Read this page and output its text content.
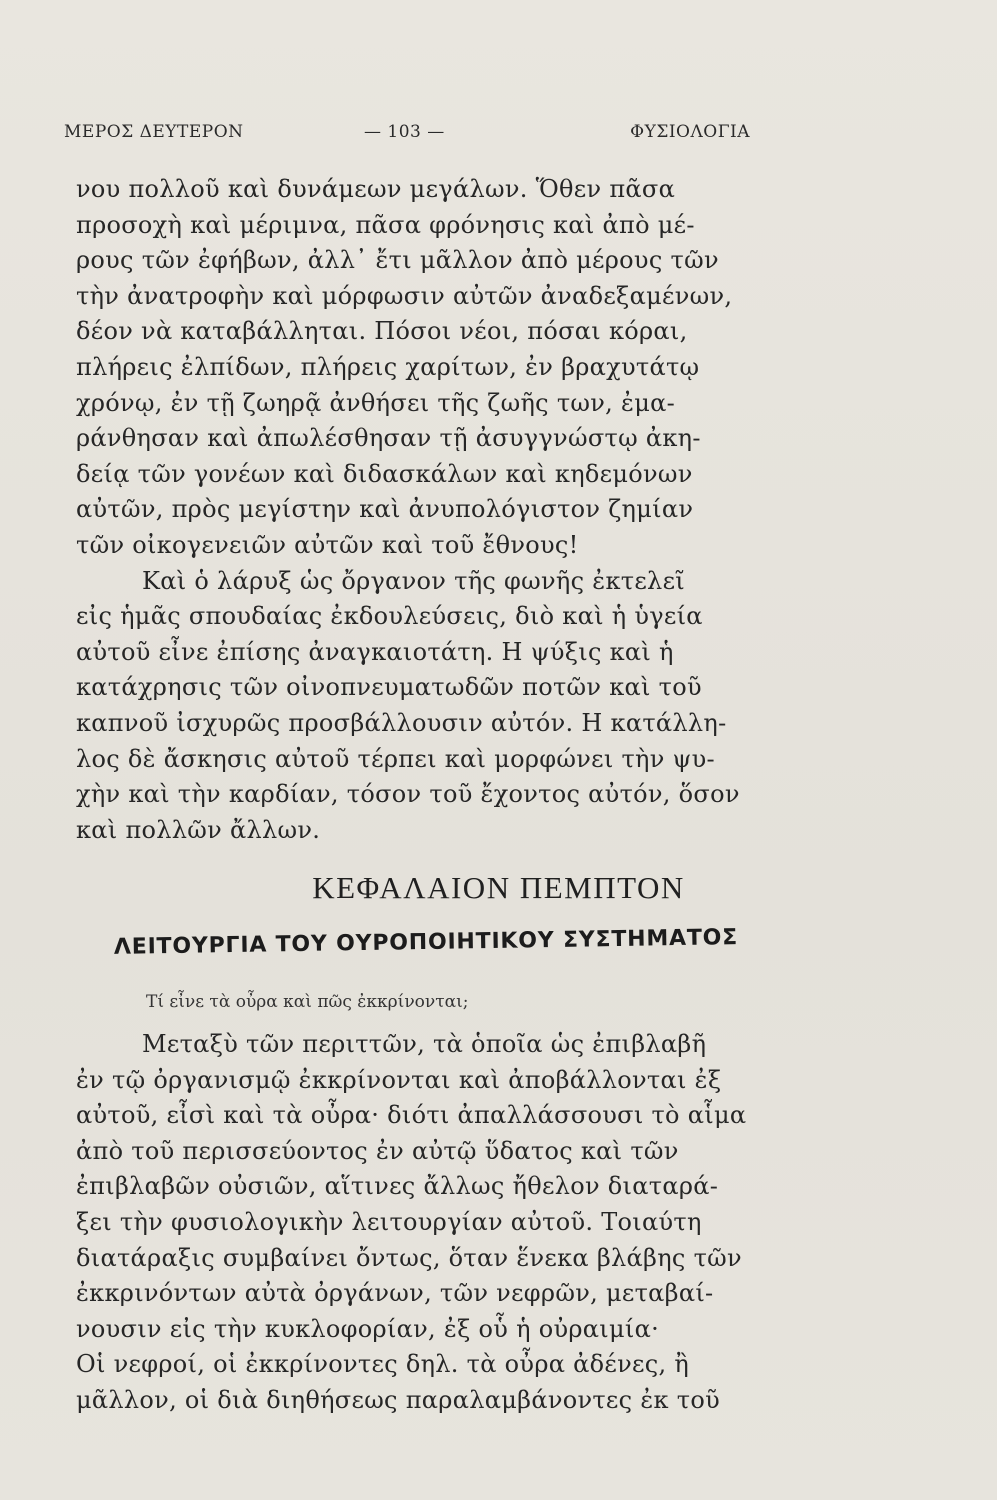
ΜΕΡΟΣ ΔΕΥΤΕΡΟΝ	— 103 —	ΦΥΣΙΟΛΟΓΙΑ
νου πολλοῦ καὶ δυνάμεων μεγάλων. Ὅθεν πᾶσα
προσοχὴ καὶ μέριμνα, πᾶσα φρόνησις καὶ ἀπὸ μέ-
ρους τῶν ἐφήβων, ἀλλ᾽ ἔτι μᾶλλον ἀπὸ μέρους τῶν
τὴν ἀνατροφὴν καὶ μόρφωσιν αὐτῶν ἀναδεξαμένων,
δέον νὰ καταβάλληται. Πόσοι νέοι, πόσαι κόραι,
πλήρεις ἐλπίδων, πλήρεις χαρίτων, ἐν βραχυτάτῳ
χρόνῳ, ἐν τῇ ζωηρᾷ ἀνθήσει τῆς ζωῆς των, ἐμα-
ράνθησαν καὶ ἀπωλέσθησαν τῇ ἀσυγγνώστῳ ἀκη-
δείᾳ τῶν γονέων καὶ διδασκάλων καὶ κηδεμόνων
αὐτῶν, πρὸς μεγίστην καὶ ἀνυπολόγιστον ζημίαν
τῶν οἰκογενειῶν αὐτῶν καὶ τοῦ ἔθνους!
Καὶ ὁ λάρυξ ὡς ὄργανον τῆς φωνῆς ἐκτελεῖ
εἰς ἡμᾶς σπουδαίας ἐκδουλεύσεις, διὸ καὶ ἡ ὑγεία
αὐτοῦ εἶνε ἐπίσης ἀναγκαιοτάτη. Η ψύξις καὶ ἡ
κατάχρησις τῶν οἰνοπνευματωδῶν ποτῶν καὶ τοῦ
καπνοῦ ἰσχυρῶς προσβάλλουσιν αὐτόν. Η κατάλλη-
λος δὲ ἄσκησις αὐτοῦ τέρπει καὶ μορφώνει τὴν ψυ-
χὴν καὶ τὴν καρδίαν, τόσον τοῦ ἔχοντος αὐτόν, ὅσον
καὶ πολλῶν ἄλλων.
ΚΕΦΑΛΑΙΟΝ ΠΕΜΠΤΟΝ
ΛΕΙΤΟΥΡΓΙΑ ΤΟΥ ΟΥΡΟΠΟΙΗΤΙΚΟΥ ΣΥΣΤΗΜΑΤΟΣ
Τί εἶνε τὰ οὖρα καὶ πῶς ἐκκρίνονται;
Μεταξὺ τῶν περιττῶν, τὰ ὁποῖα ὡς ἐπιβλαβῆ
ἐν τῷ ὀργανισμῷ ἐκκρίνονται καὶ ἀποβάλλονται ἐξ
αὐτοῦ, εἶσὶ καὶ τὰ οὖρα· διότι ἀπαλλάσσουσι τὸ αἷμα
ἀπὸ τοῦ περισσεύοντος ἐν αὐτῷ ὕδατος καὶ τῶν
ἐπιβλαβῶν οὐσιῶν, αἵτινες ἄλλως ἤθελον διαταρά-
ξει τὴν φυσιολογικὴν λειτουργίαν αὐτοῦ. Τοιαύτη
διατάραξις συμβαίνει ὄντως, ὅταν ἕνεκα βλάβης τῶν
ἐκκρινόντων αὐτὰ ὀργάνων, τῶν νεφρῶν, μεταβαί-
νουσιν εἰς τὴν κυκλοφορίαν, ἐξ οὗ ἡ οὐραιμία·
Οἱ νεφροί, οἱ ἐκκρίνοντες δηλ. τὰ οὖρα ἀδένες, ἢ
μᾶλλον, οἱ διὰ διηθήσεως παραλαμβάνοντες ἐκ τοῦ
